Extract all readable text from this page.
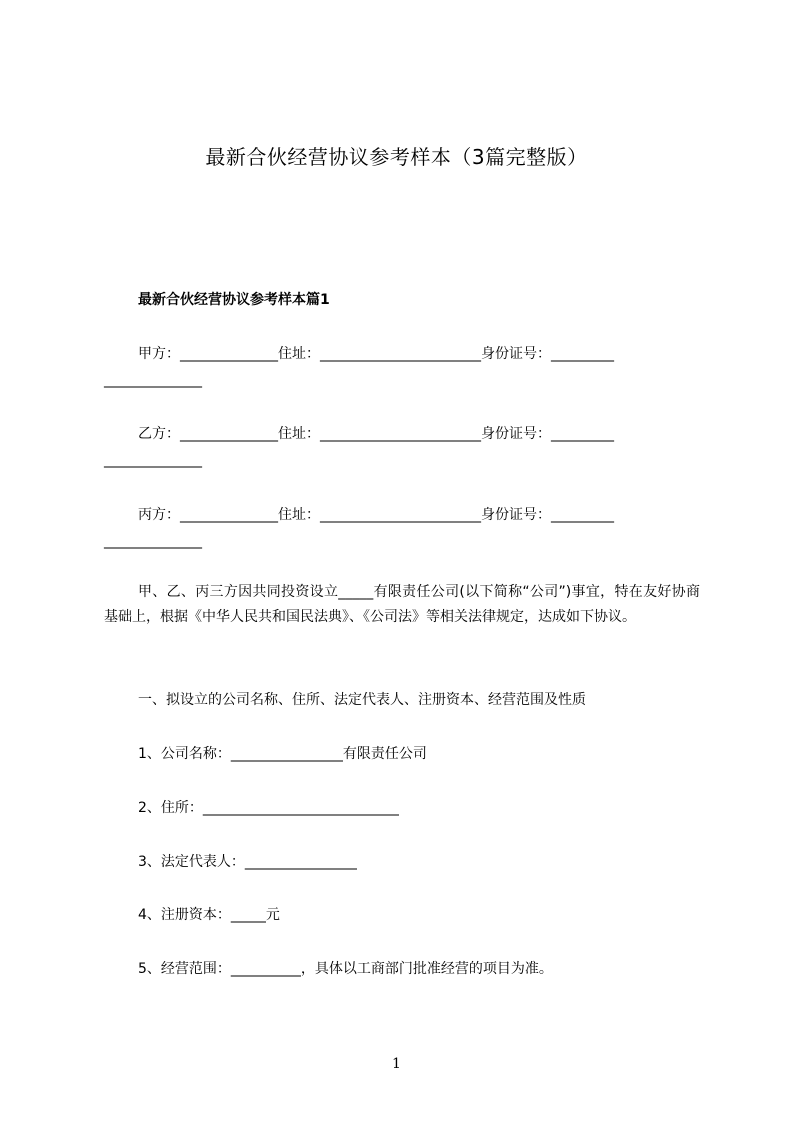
最新合伙经营协议参考样本（3篇完整版）
最新合伙经营协议参考样本篇1
甲方：______________住址：_______________________身份证号：_________
______________
乙方：______________住址：_______________________身份证号：_________
______________
丙方：______________住址：_______________________身份证号：_________
______________
甲、乙、丙三方因共同投资设立_____有限责任公司(以下简称“公司”)事宜，特在友好协商基础上，根据《中华人民共和国民法典》、《公司法》等相关法律规定，达成如下协议。
一、拟设立的公司名称、住所、法定代表人、注册资本、经营范围及性质
1、公司名称：________________有限责任公司
2、住所：____________________________
3、法定代表人：________________
4、注册资本：_____元
5、经营范围：__________，具体以工商部门批准经营的项目为准。
1
